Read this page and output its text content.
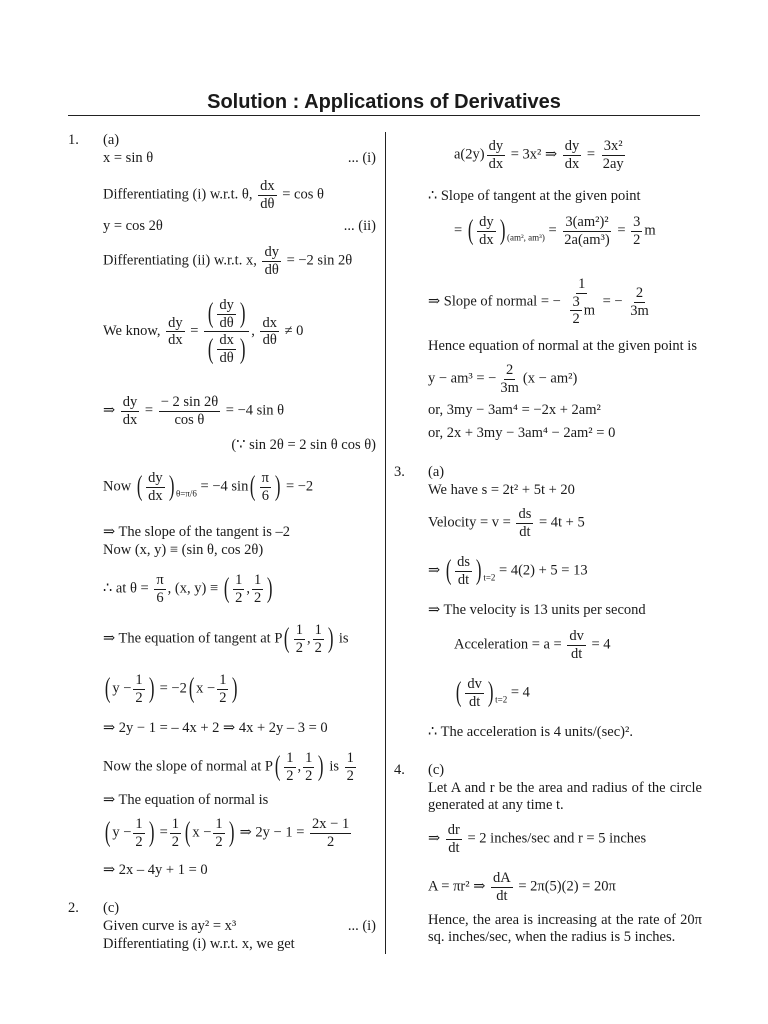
Solution : Applications of Derivatives
1. (a)
x = sin θ	... (i)
Differentiating (i) w.r.t. θ, $\frac{dx}{d\theta} = \cos \theta$
y = cos 2θ	... (ii)
Differentiating (ii) w.r.t. x, $\frac{dy}{d\theta} = -2$ sin 2θ
We know, $\frac{dy}{dx} = \frac{( \frac{dy}{d\theta} )}{( \frac{dx}{d\theta} )}$ , $\frac{dx}{d\theta} \ne 0$
⇒ $\frac{dy}{dx} = \frac{- 2 \sin 2\theta}{\text{cos θ}} = -4$ sin θ
(∵ sin 2θ = 2 sin θ cos θ)
Now ( $\frac{dy}{dx}$ ) $_{\theta=\pi/6}$ = −4 $\sin( \frac{\pi}{6}$ ) = −2
⇒ The slope of the tangent is –2
Now (x, y) ≡ (sin θ, cos 2θ)
∴ at $\theta = \frac{\pi}{6}$ , (x, y) ≡ ( $\frac{1}{2}$ , $\frac{1}{2}$ )
⇒ The equation of tangent at $P( \frac{1}{2}$ , $\frac{1}{2}$ ) is
( $y - \frac{1}{2}$ ) = −2( $x - \frac{1}{2}$ )
⇒ 2y − 1 = – 4x + 2 ⇒ 4x + 2y – 3 = 0
Now the slope of normal at $P( \frac{1}{2}$ , $\frac{1}{2}$ ) is $\frac{1}{2}$
⇒ The equation of normal is
( $y - \frac{1}{2}$ ) = $\frac{1}{2}$ ( $x - \frac{1}{2}$ ) ⇒ $2y - 1 = \frac{2x - 1}{2}$
⇒ 2x – 4y + 1 = 0
2. (c)
Given curve is ay² = x³	... (i)
Differentiating (i) w.r.t. x, we get
$a(2y) \frac{dy}{dx} = 3x^2$ ⇒ $\frac{dy}{dx} = \frac{\text{3x²}}{2ay}$
∴ Slope of tangent at the given point
= ( $\frac{dy}{dx}$ ) $_{(am^2, am^3)} = \frac{\text{3(am²)²}}{\text{2a(am³)}} = \frac{3}{2}$ m
⇒ Slope of normal = − $\frac{1}{\frac{3}{2} m}$ = − $\frac{2}{3m}$
Hence equation of normal at the given point is
y − am³ = − $\frac{2}{3m} (x - am^2)$
or, 3my − 3am⁴ = −2x + 2am²
or, 2x + 3my − 3am⁴ − 2am² = 0
3. (a)
We have s = 2t² + 5t + 20
Velocity = $v = \frac{ds}{dt} = 4t + 5$
⇒ ( $\frac{ds}{dt}$ ) $_{t=2}$ = 4(2) + 5 = 13
⇒ The velocity is 13 units per second
Acceleration = $a = \frac{dv}{dt} = 4$
( $\frac{dv}{dt}$ ) $_{t=2}$ = 4
∴ The acceleration is 4 units/(sec)².
4. (c)
Let A and r be the area and radius of the circle generated at any time t.
⇒ $\frac{dr}{dt} = 2$ inches/sec and r = 5 inches
A = πr² ⇒ $\frac{dA}{dt} = 2\pi(5)(2) = 20\pi$
Hence, the area is increasing at the rate of 20π sq. inches/sec, when the radius is 5 inches.
